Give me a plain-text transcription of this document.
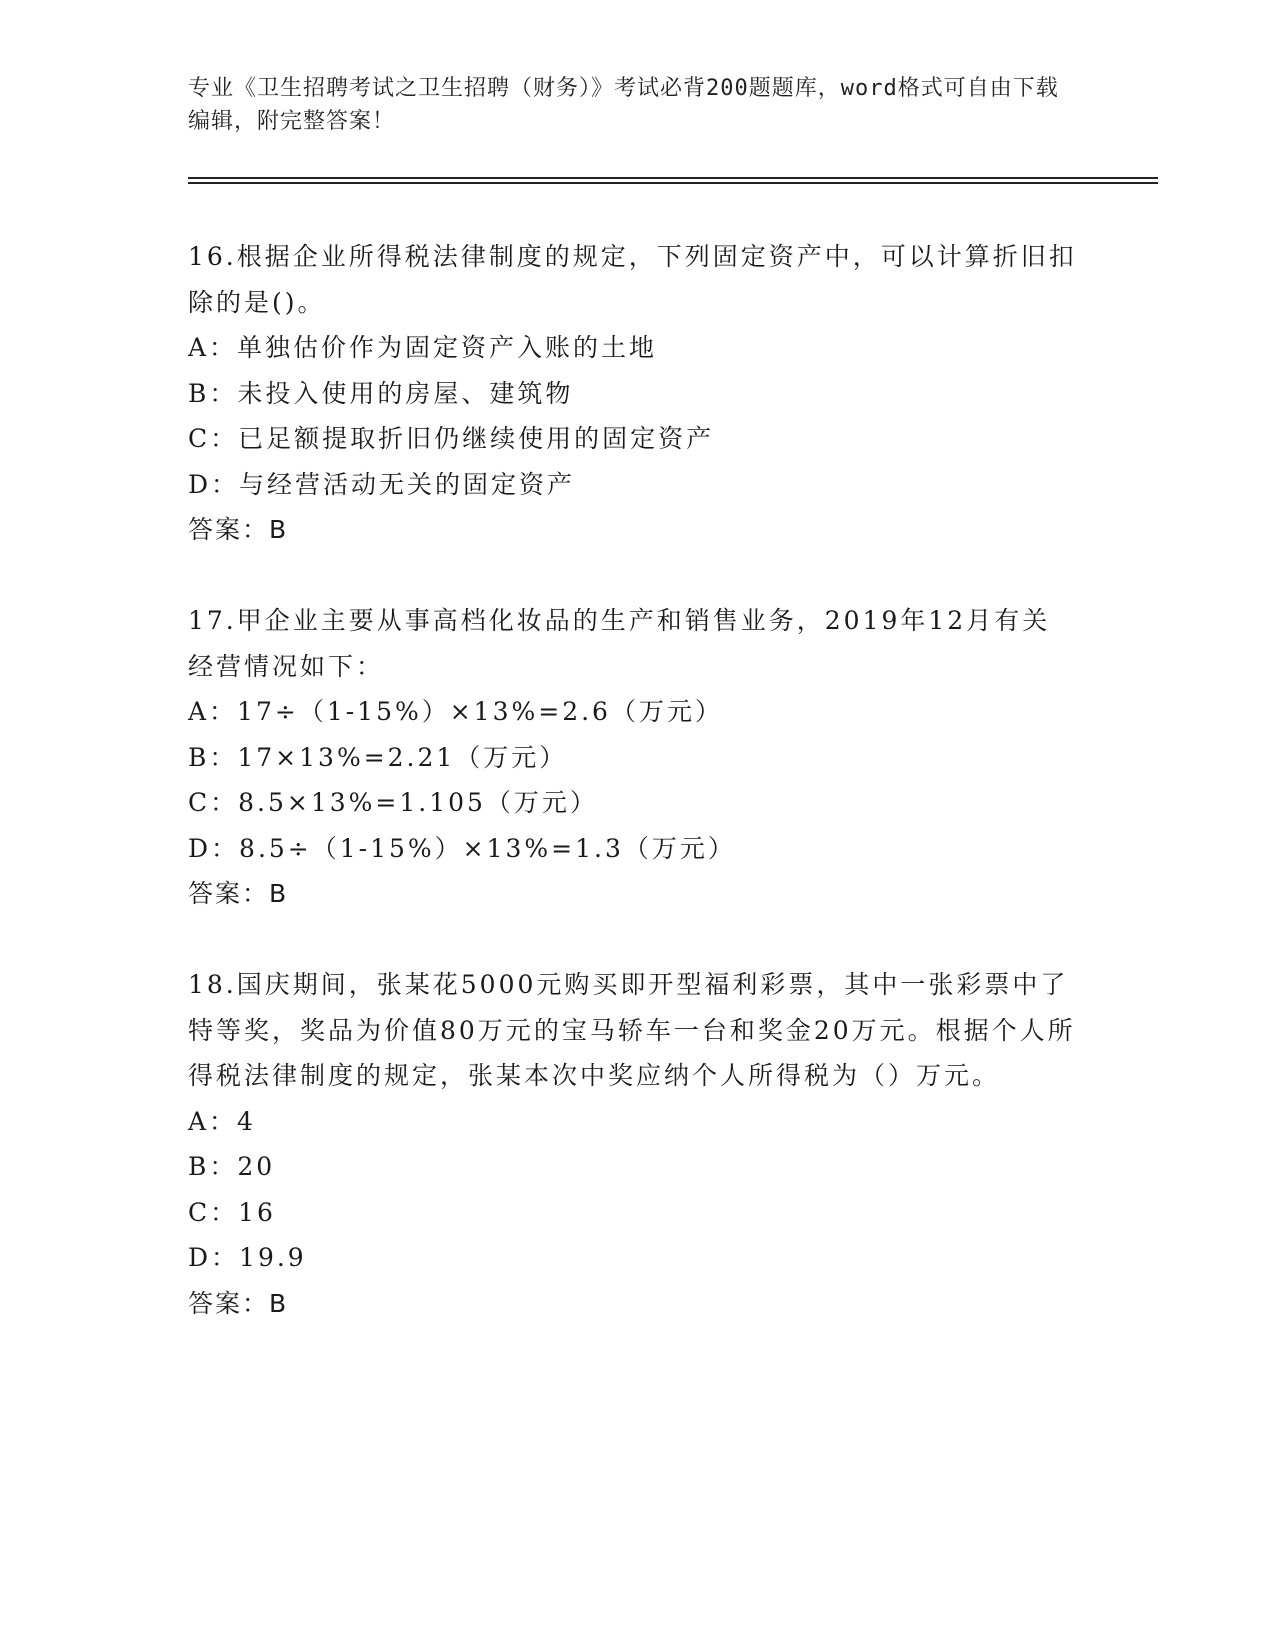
专业《卫生招聘考试之卫生招聘（财务）》考试必背200题题库，word格式可自由下载编辑，附完整答案！

16.根据企业所得税法律制度的规定，下列固定资产中，可以计算折旧扣除的是()。

A：单独估价作为固定资产入账的土地

B：未投入使用的房屋、建筑物

C：已足额提取折旧仍继续使用的固定资产

D：与经营活动无关的固定资产

答案：B

17.甲企业主要从事高档化妆品的生产和销售业务，2019年12月有关经营情况如下：

A：17÷（1-15%）×13%=2.6（万元）

B：17×13%=2.21（万元）

C：8.5×13%=1.105（万元）

D：8.5÷（1-15%）×13%=1.3（万元）

答案：B

18.国庆期间，张某花5000元购买即开型福利彩票，其中一张彩票中了特等奖，奖品为价值80万元的宝马轿车一台和奖金20万元。根据个人所得税法律制度的规定，张某本次中奖应纳个人所得税为（）万元。

A：4

B：20

C：16

D：19.9

答案：B
